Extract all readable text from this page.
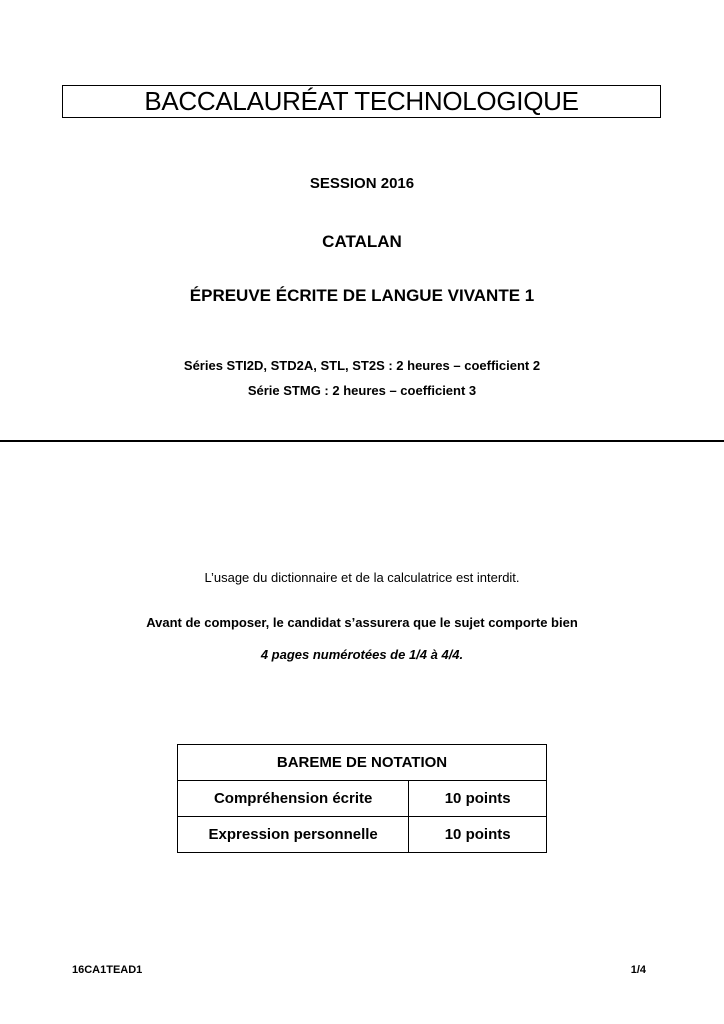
BACCALAURÉAT TECHNOLOGIQUE
SESSION 2016
CATALAN
ÉPREUVE ÉCRITE DE LANGUE VIVANTE 1
Séries STI2D, STD2A, STL, ST2S : 2 heures – coefficient 2
Série STMG : 2 heures – coefficient 3
L’usage du dictionnaire et de la calculatrice est interdit.
Avant de composer, le candidat s’assurera que le sujet comporte bien
4 pages numérotées de 1/4 à 4/4.
BAREME DE NOTATION	
Compréhension écrite	10 points
Expression personnelle	10 points
16CA1TEAD1	1/4
